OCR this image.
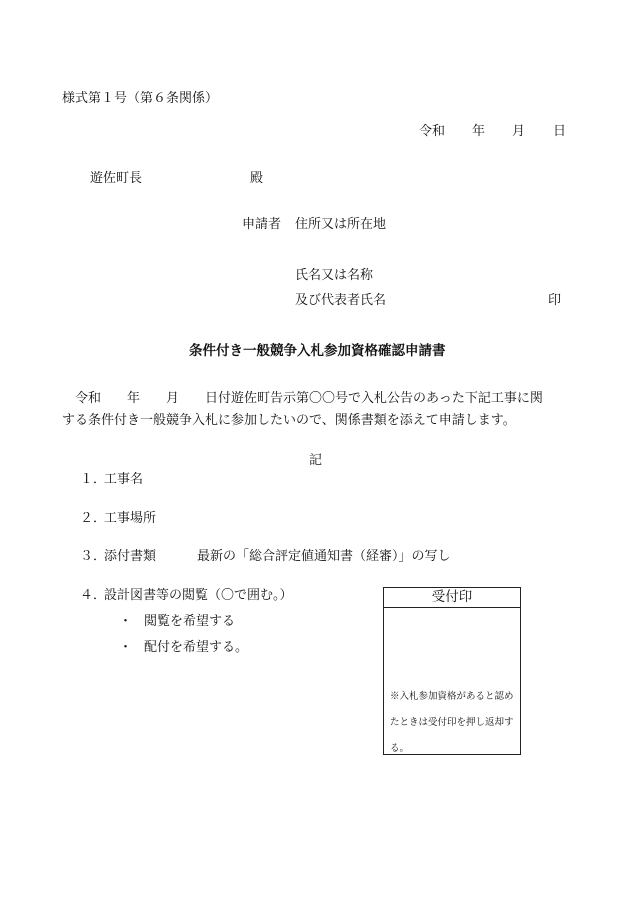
様式第１号（第６条関係）
令和 年 月 日
遊佐町長	殿
申請者 住所又は所在地
氏名又は名称
及び代表者氏名	印
条件付き一般競争入札参加資格確認申請書
令和　　年　　月　　日付遊佐町告示第〇〇号で入札公告のあった下記工事に関
する条件付き一般競争入札に参加したいので、関係書類を添えて申請します。
記
１．
工事名
２．
工事場所
３．
添付書類	最新の「総合評定値通知書（経審）」の写し
４．
設計図書等の閲覧（〇で囲む。）
・ 閲覧を希望する
・ 配付を希望する。
受付印
※入札参加資格があると認めたときは受付印を押し返却する。
